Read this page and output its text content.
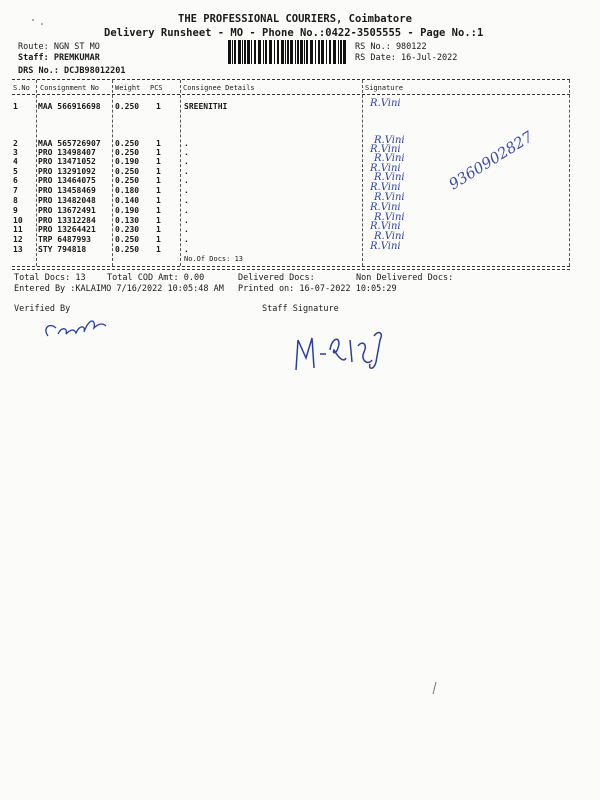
THE PROFESSIONAL COURIERS, Coimbatore
Delivery Runsheet - MO - Phone No.:0422-3505555 - Page No.:1
Route: NGN ST MO
Staff: PREMKUMAR
DRS No.: DCJB98012201
RS No.: 980122
RS Date: 16-Jul-2022
S.No Consignment No Weight PCS	Consignee Details	Signature
1	MAA 566916698 0.250 1	SREENITHI	R.Vini
2	MAA 565726907 0.250 1	.	R.Vini
3	PRO 13498407 0.250 1	.	R.Vini
4	PRO 13471052 0.190 1	.	R.Vini
5	PRO 13291092 0.250 1	.	R.Vini
6	PRO 13464075 0.250 1	.	R.Vini
7	PRO 13458469 0.180 1	.	R.Vini
8	PRO 13482048 0.140 1	.	R.Vini
9	PRO 13672491 0.190 1	.	R.Vini
10 PRO 13312284 0.130 1	.	R.Vini
11 PRO 13264421 0.230 1	.	R.Vini
12 TRP 6487993	0.250 1	.	R.Vini
13 STY 794818	0.250 1	.	R.Vini
No.Of Docs: 13
Total Docs: 13	Total COD Amt: 0.00	Delivered Docs:	Non Delivered Docs:
Entered By :KALAIMO 7/16/2022 10:05:48 AM Printed on: 16-07-2022 10:05:29
Verified By	Staff Signature
9360902827
